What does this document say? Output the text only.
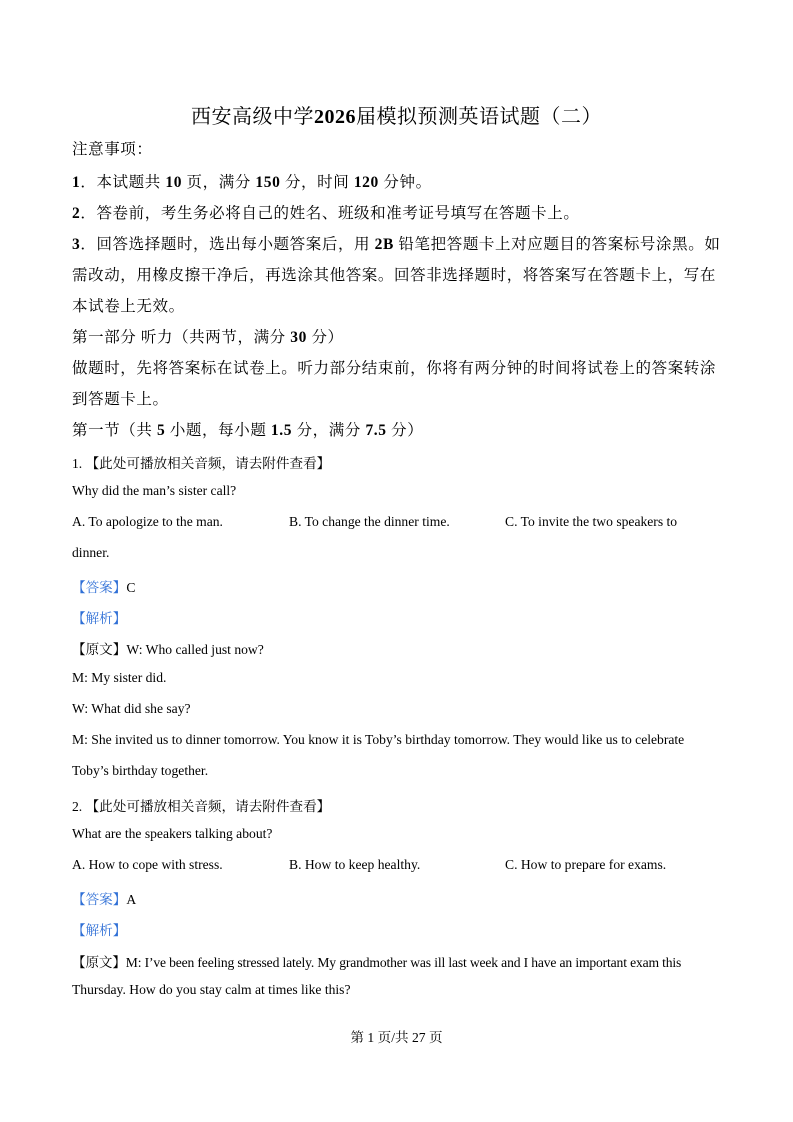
西安高级中学2026届模拟预测英语试题（二）
注意事项：
1．本试题共 10 页，满分 150 分，时间 120 分钟。
2．答卷前，考生务必将自己的姓名、班级和准考证号填写在答题卡上。
3．回答选择题时，选出每小题答案后，用 2B 铅笔把答题卡上对应题目的答案标号涂黑。如
需改动，用橡皮擦干净后，再选涂其他答案。回答非选择题时，将答案写在答题卡上，写在
本试卷上无效。
第一部分 听力（共两节，满分 30 分）
做题时，先将答案标在试卷上。听力部分结束前，你将有两分钟的时间将试卷上的答案转涂
到答题卡上。
第一节（共 5 小题，每小题 1.5 分，满分 7.5 分）
1. 【此处可播放相关音频，请去附件查看】
Why did the man’s sister call?
A. To apologize to the man.	B. To change the dinner time.	C. To invite the two speakers to
dinner.
【答案】C
【解析】
【原文】W: Who called just now?
M: My sister did.
W: What did she say?
M: She invited us to dinner tomorrow. You know it is Toby’s birthday tomorrow. They would like us to celebrate
Toby’s birthday together.
2. 【此处可播放相关音频，请去附件查看】
What are the speakers talking about?
A. How to cope with stress.	B. How to keep healthy.	C. How to prepare for exams.
【答案】A
【解析】
【原文】M: I’ve been feeling stressed lately. My grandmother was ill last week and I have an important exam this
Thursday. How do you stay calm at times like this?
第 1 页/共 27 页
